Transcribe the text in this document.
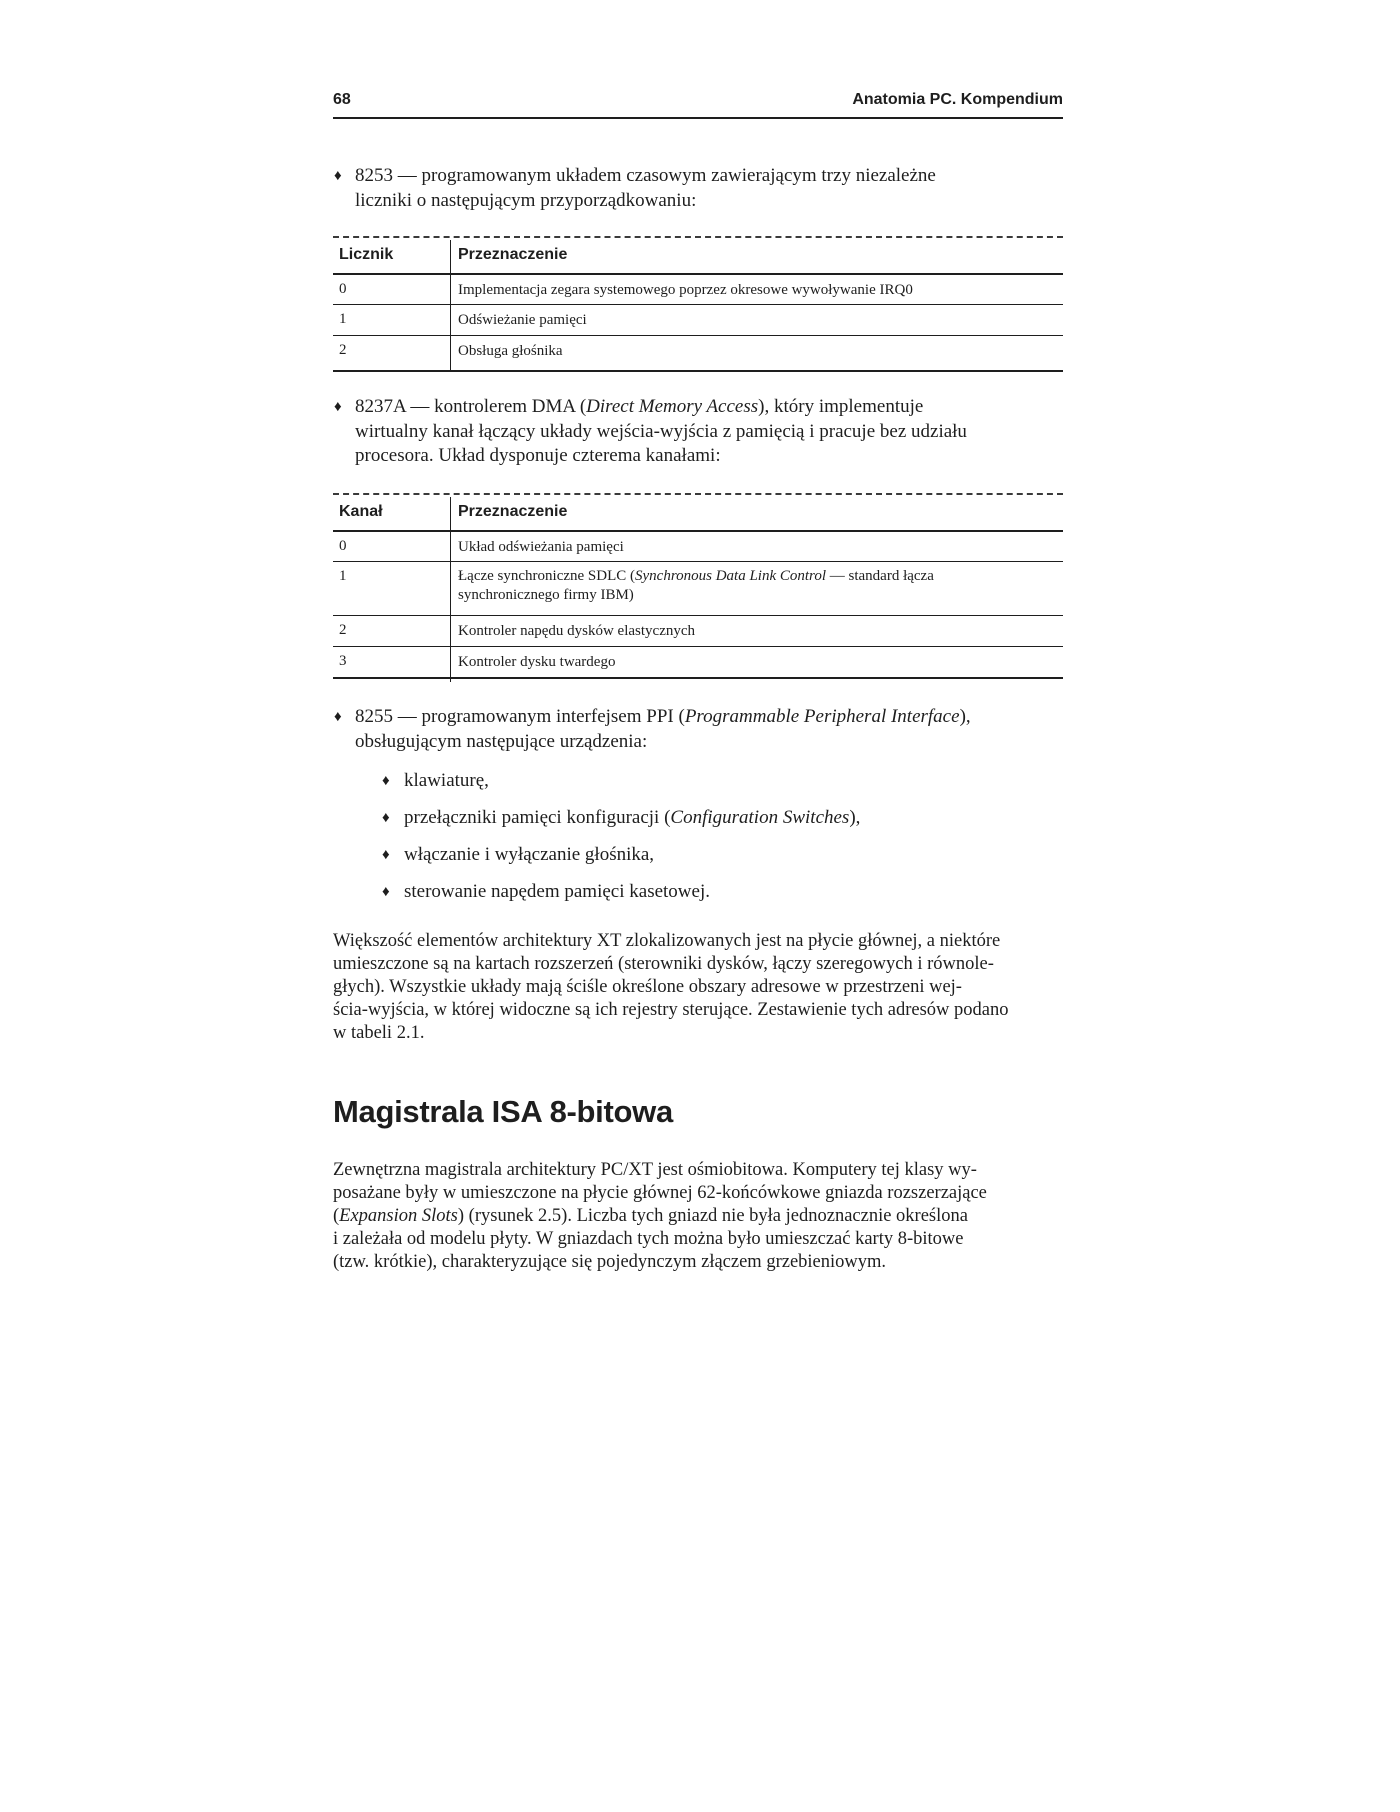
68	Anatomia PC. Kompendium
♦ 8253 — programowanym układem czasowym zawierającym trzy niezależne
liczniki o następującym przyporządkowaniu:
Licznik	Przeznaczenie
0	Implementacja zegara systemowego poprzez okresowe wywoływanie IRQ0
1	Odświeżanie pamięci
2	Obsługa głośnika
♦ 8237A — kontrolerem DMA (Direct Memory Access), który implementuje
wirtualny kanał łączący układy wejścia-wyjścia z pamięcią i pracuje bez udziału
procesora. Układ dysponuje czterema kanałami:
Kanał	Przeznaczenie
0	Układ odświeżania pamięci
1	Łącze synchroniczne SDLC (Synchronous Data Link Control — standard łącza
synchronicznego firmy IBM)
2	Kontroler napędu dysków elastycznych
3	Kontroler dysku twardego
♦ 8255 — programowanym interfejsem PPI (Programmable Peripheral Interface),
obsługującym następujące urządzenia:
♦ klawiaturę,
♦ przełączniki pamięci konfiguracji (Configuration Switches),
♦ włączanie i wyłączanie głośnika,
♦ sterowanie napędem pamięci kasetowej.
Większość elementów architektury XT zlokalizowanych jest na płycie głównej, a niektóre
umieszczone są na kartach rozszerzeń (sterowniki dysków, łączy szeregowych i równole-
głych). Wszystkie układy mają ściśle określone obszary adresowe w przestrzeni wej-
ścia-wyjścia, w której widoczne są ich rejestry sterujące. Zestawienie tych adresów podano
w tabeli 2.1.
Magistrala ISA 8-bitowa
Zewnętrzna magistrala architektury PC/XT jest ośmiobitowa. Komputery tej klasy wy-
posażane były w umieszczone na płycie głównej 62-końcówkowe gniazda rozszerzające
(Expansion Slots) (rysunek 2.5). Liczba tych gniazd nie była jednoznacznie określona
i zależała od modelu płyty. W gniazdach tych można było umieszczać karty 8-bitowe
(tzw. krótkie), charakteryzujące się pojedynczym złączem grzebieniowym.
